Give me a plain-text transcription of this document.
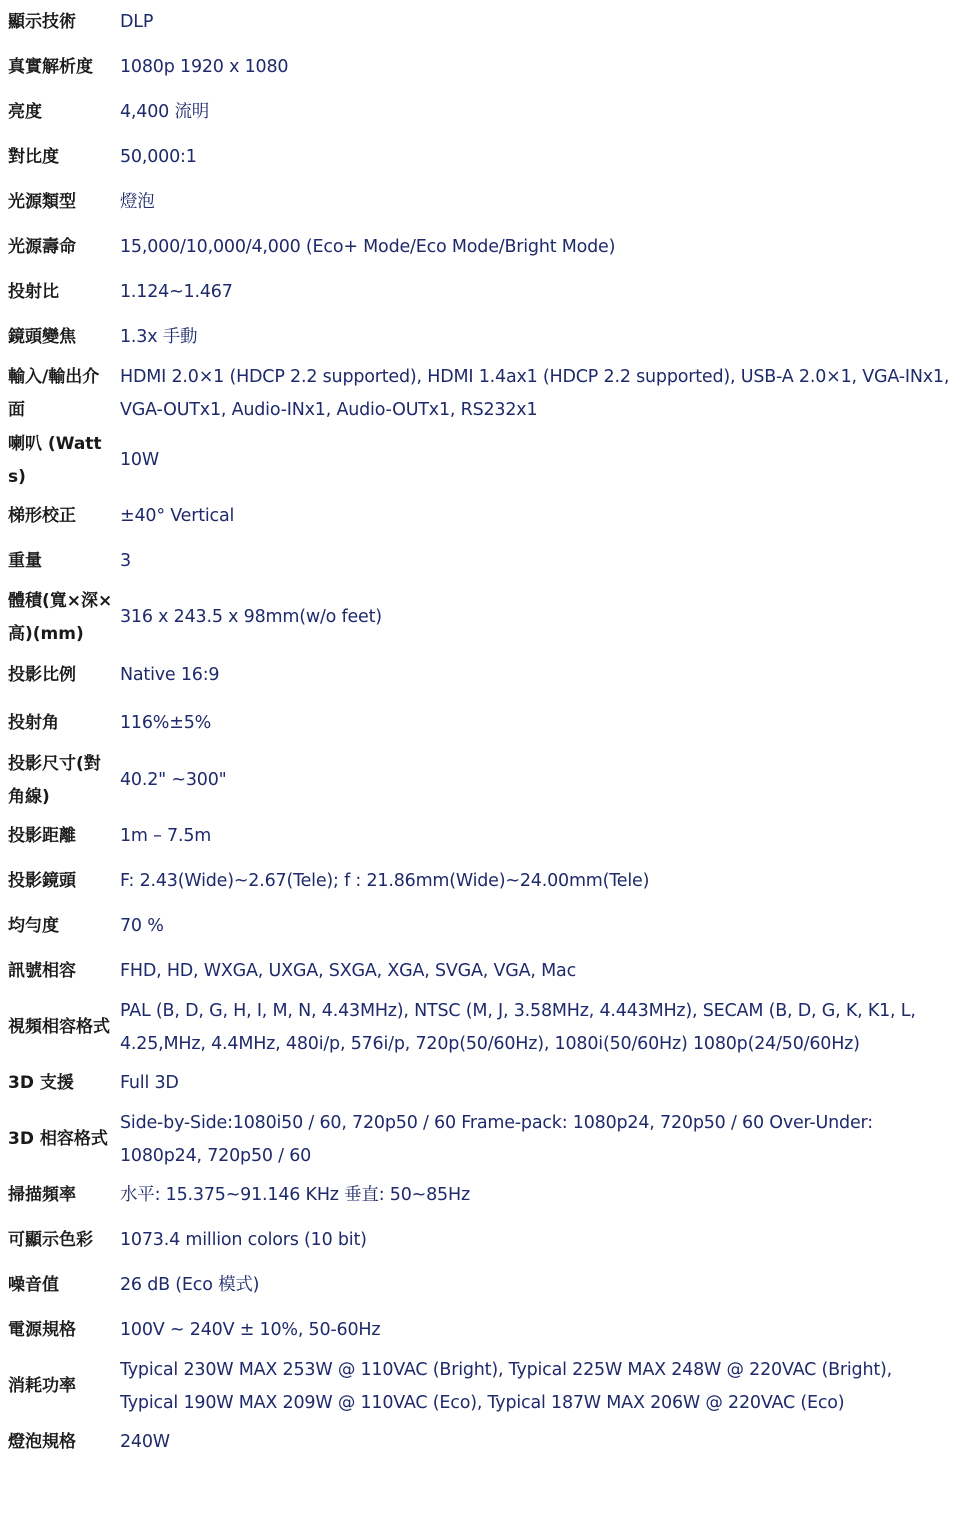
顯示技術	DLP
真實解析度	1080p 1920 x 1080
亮度	4,400 流明
對比度	50,000:1
光源類型	燈泡
光源壽命	15,000/10,000/4,000 (Eco+ Mode/Eco Mode/Bright Mode)
投射比	1.124~1.467
鏡頭變焦	1.3x 手動
輸入/輸出介面	HDMI 2.0×1 (HDCP 2.2 supported), HDMI 1.4ax1 (HDCP 2.2 supported), USB-A 2.0×1, VGA-INx1, VGA-OUTx1, Audio-INx1, Audio-OUTx1, RS232x1
喇叭 (Watts)	10W
梯形校正	±40° Vertical
重量	3
體積(寬×深×高)(mm)	316 x 243.5 x 98mm(w/o feet)
投影比例	Native 16:9
投射角	116%±5%
投影尺寸(對角線)	40.2" ~300"
投影距離	1m – 7.5m
投影鏡頭	F: 2.43(Wide)~2.67(Tele); f : 21.86mm(Wide)~24.00mm(Tele)
均勻度	70 %
訊號相容	FHD, HD, WXGA, UXGA, SXGA, XGA, SVGA, VGA, Mac
視頻相容格式	PAL (B, D, G, H, I, M, N, 4.43MHz), NTSC (M, J, 3.58MHz, 4.443MHz), SECAM (B, D, G, K, K1, L, 4.25,MHz, 4.4MHz, 480i/p, 576i/p, 720p(50/60Hz), 1080i(50/60Hz) 1080p(24/50/60Hz)
3D 支援	Full 3D
3D 相容格式	Side-by-Side:1080i50 / 60, 720p50 / 60 Frame-pack: 1080p24, 720p50 / 60 Over-Under: 1080p24, 720p50 / 60
掃描頻率	水平: 15.375~91.146 KHz 垂直: 50~85Hz
可顯示色彩	1073.4 million colors (10 bit)
噪音值	26 dB (Eco 模式)
電源規格	100V ~ 240V ± 10%, 50-60Hz
消耗功率	Typical 230W MAX 253W @ 110VAC (Bright), Typical 225W MAX 248W @ 220VAC (Bright), Typical 190W MAX 209W @ 110VAC (Eco), Typical 187W MAX 206W @ 220VAC (Eco)
燈泡規格	240W
